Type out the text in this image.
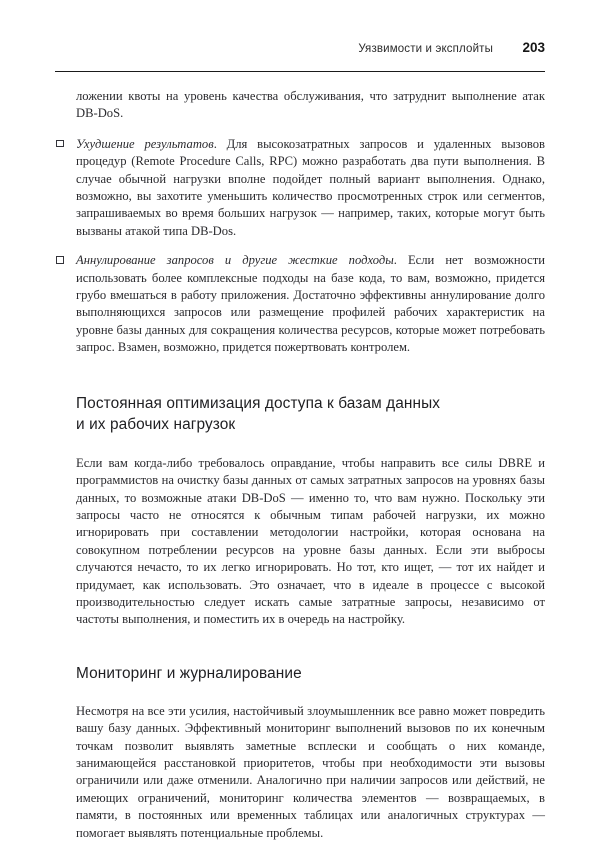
Уязвимости и эксплойты 203

ложении квоты на уровень качества обслуживания, что затруднит выполнение атак DB-DoS.

Ухудшение результатов. Для высокозатратных запросов и удаленных вызовов процедур (Remote Procedure Calls, RPC) можно разработать два пути выполнения. В случае обычной нагрузки вполне подойдет полный вариант выполнения. Однако, возможно, вы захотите уменьшить количество просмотренных строк или сегментов, запрашиваемых во время больших нагрузок — например, таких, которые могут быть вызваны атакой типа DB-Dos.
Аннулирование запросов и другие жесткие подходы. Если нет возможности использовать более комплексные подходы на базе кода, то вам, возможно, придется грубо вмешаться в работу приложения. Достаточно эффективны аннулирование долго выполняющихся запросов или размещение профилей рабочих характеристик на уровне базы данных для сокращения количества ресурсов, которые может потребовать запрос. Взамен, возможно, придется пожертвовать контролем.
Постоянная оптимизация доступа к базам данных
и их рабочих нагрузок

Если вам когда-либо требовалось оправдание, чтобы направить все силы DBRE и программистов на очистку базы данных от самых затратных запросов на уровнях базы данных, то возможные атаки DB-DoS — именно то, что вам нужно. Поскольку эти запросы часто не относятся к обычным типам рабочей нагрузки, их можно игнорировать при составлении методологии настройки, которая основана на совокупном потреблении ресурсов на уровне базы данных. Если эти выбросы случаются нечасто, то их легко игнорировать. Но тот, кто ищет, — тот их найдет и придумает, как использовать. Это означает, что в идеале в процессе с высокой производительностью следует искать самые затратные запросы, независимо от частоты выполнения, и поместить их в очередь на настройку.

Мониторинг и журналирование

Несмотря на все эти усилия, настойчивый злоумышленник все равно может повредить вашу базу данных. Эффективный мониторинг выполнений вызовов по их конечным точкам позволит выявлять заметные всплески и сообщать о них команде, занимающейся расстановкой приоритетов, чтобы при необходимости эти вызовы ограничили или даже отменили. Аналогично при наличии запросов или действий, не имеющих ограничений, мониторинг количества элементов — возвращаемых, в памяти, в постоянных или временных таблицах или аналогичных структурах — помогает выявлять потенциальные проблемы.
